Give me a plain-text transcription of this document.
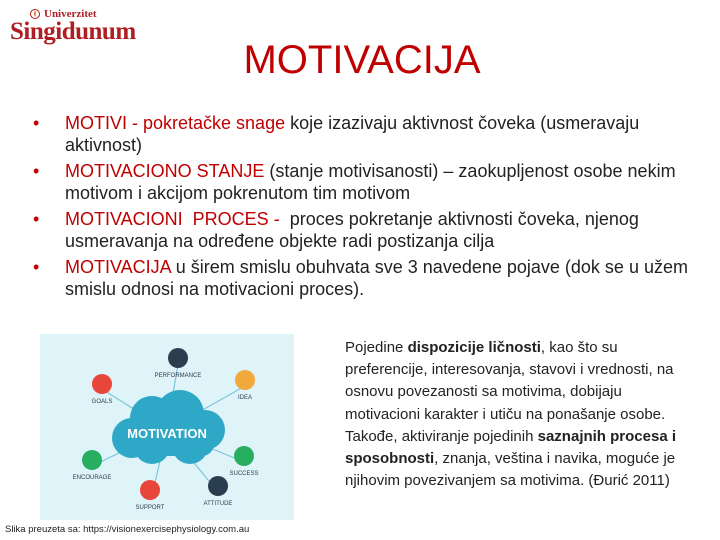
Univerzitet
Singidunum
MOTIVACIJA
• MOTIVI - pokretačke snage koje izazivaju aktivnost čoveka (usmeravaju aktivnost)
• MOTIVACIONO STANJE (stanje motivisanosti) – zaokupljenost osobe nekim motivom i akcijom pokrenutom tim motivom
• MOTIVACIONI  PROCES -  proces pokretanje aktivnosti čoveka, njenog usmeravanja na određene objekte radi postizanja cilja
• MOTIVACIJA u širem smislu obuhvata sve 3 navedene pojave (dok se u užem smislu odnosi na motivacioni proces).
MOTIVATION
PERFORMANCE
GOALS
IDEA
ENCOURAGE
SUCCESS
SUPPORT
ATTITUDE
Slika preuzeta sa: https://visionexercisephysiology.com.au
Pojedine dispozicije ličnosti, kao što su preferencije, interesovanja, stavovi i vrednosti, na osnovu povezanosti sa motivima, dobijaju motivacioni karakter i utiču na ponašanje osobe. Takođe, aktiviranje pojedinih saznajnih procesa i sposobnosti, znanja, veština i navika, moguće je njihovim povezivanjem sa motivima. (Đurić 2011)
